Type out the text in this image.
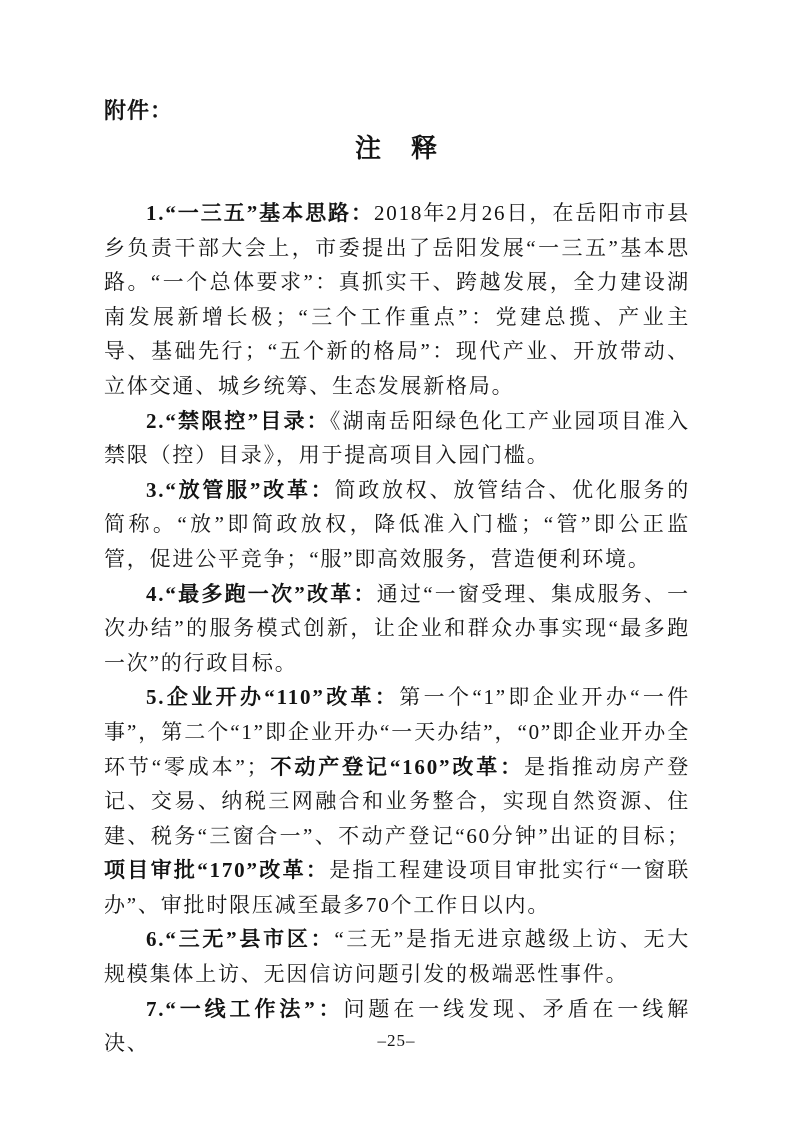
附件：
注　释

1.“一三五”基本思路：2018年2月26日，在岳阳市市县乡负责干部大会上，市委提出了岳阳发展“一三五”基本思路。“一个总体要求”：真抓实干、跨越发展，全力建设湖南发展新增长极；“三个工作重点”：党建总揽、产业主导、基础先行；“五个新的格局”：现代产业、开放带动、立体交通、城乡统筹、生态发展新格局。

2.“禁限控”目录：《湖南岳阳绿色化工产业园项目准入禁限（控）目录》，用于提高项目入园门槛。

3.“放管服”改革：简政放权、放管结合、优化服务的简称。“放”即简政放权，降低准入门槛；“管”即公正监管，促进公平竞争；“服”即高效服务，营造便利环境。

4.“最多跑一次”改革：通过“一窗受理、集成服务、一次办结”的服务模式创新，让企业和群众办事实现“最多跑一次”的行政目标。

5.企业开办“110”改革：第一个“1”即企业开办“一件事”，第二个“1”即企业开办“一天办结”，“0”即企业开办全环节“零成本”；不动产登记“160”改革：是指推动房产登记、交易、纳税三网融合和业务整合，实现自然资源、住建、税务“三窗合一”、不动产登记“60分钟”出证的目标；项目审批“170”改革：是指工程建设项目审批实行“一窗联办”、审批时限压减至最多70个工作日以内。

6.“三无”县市区：“三无”是指无进京越级上访、无大规模集体上访、无因信访问题引发的极端恶性事件。

7.“一线工作法”：问题在一线发现、矛盾在一线解决、	–25–
